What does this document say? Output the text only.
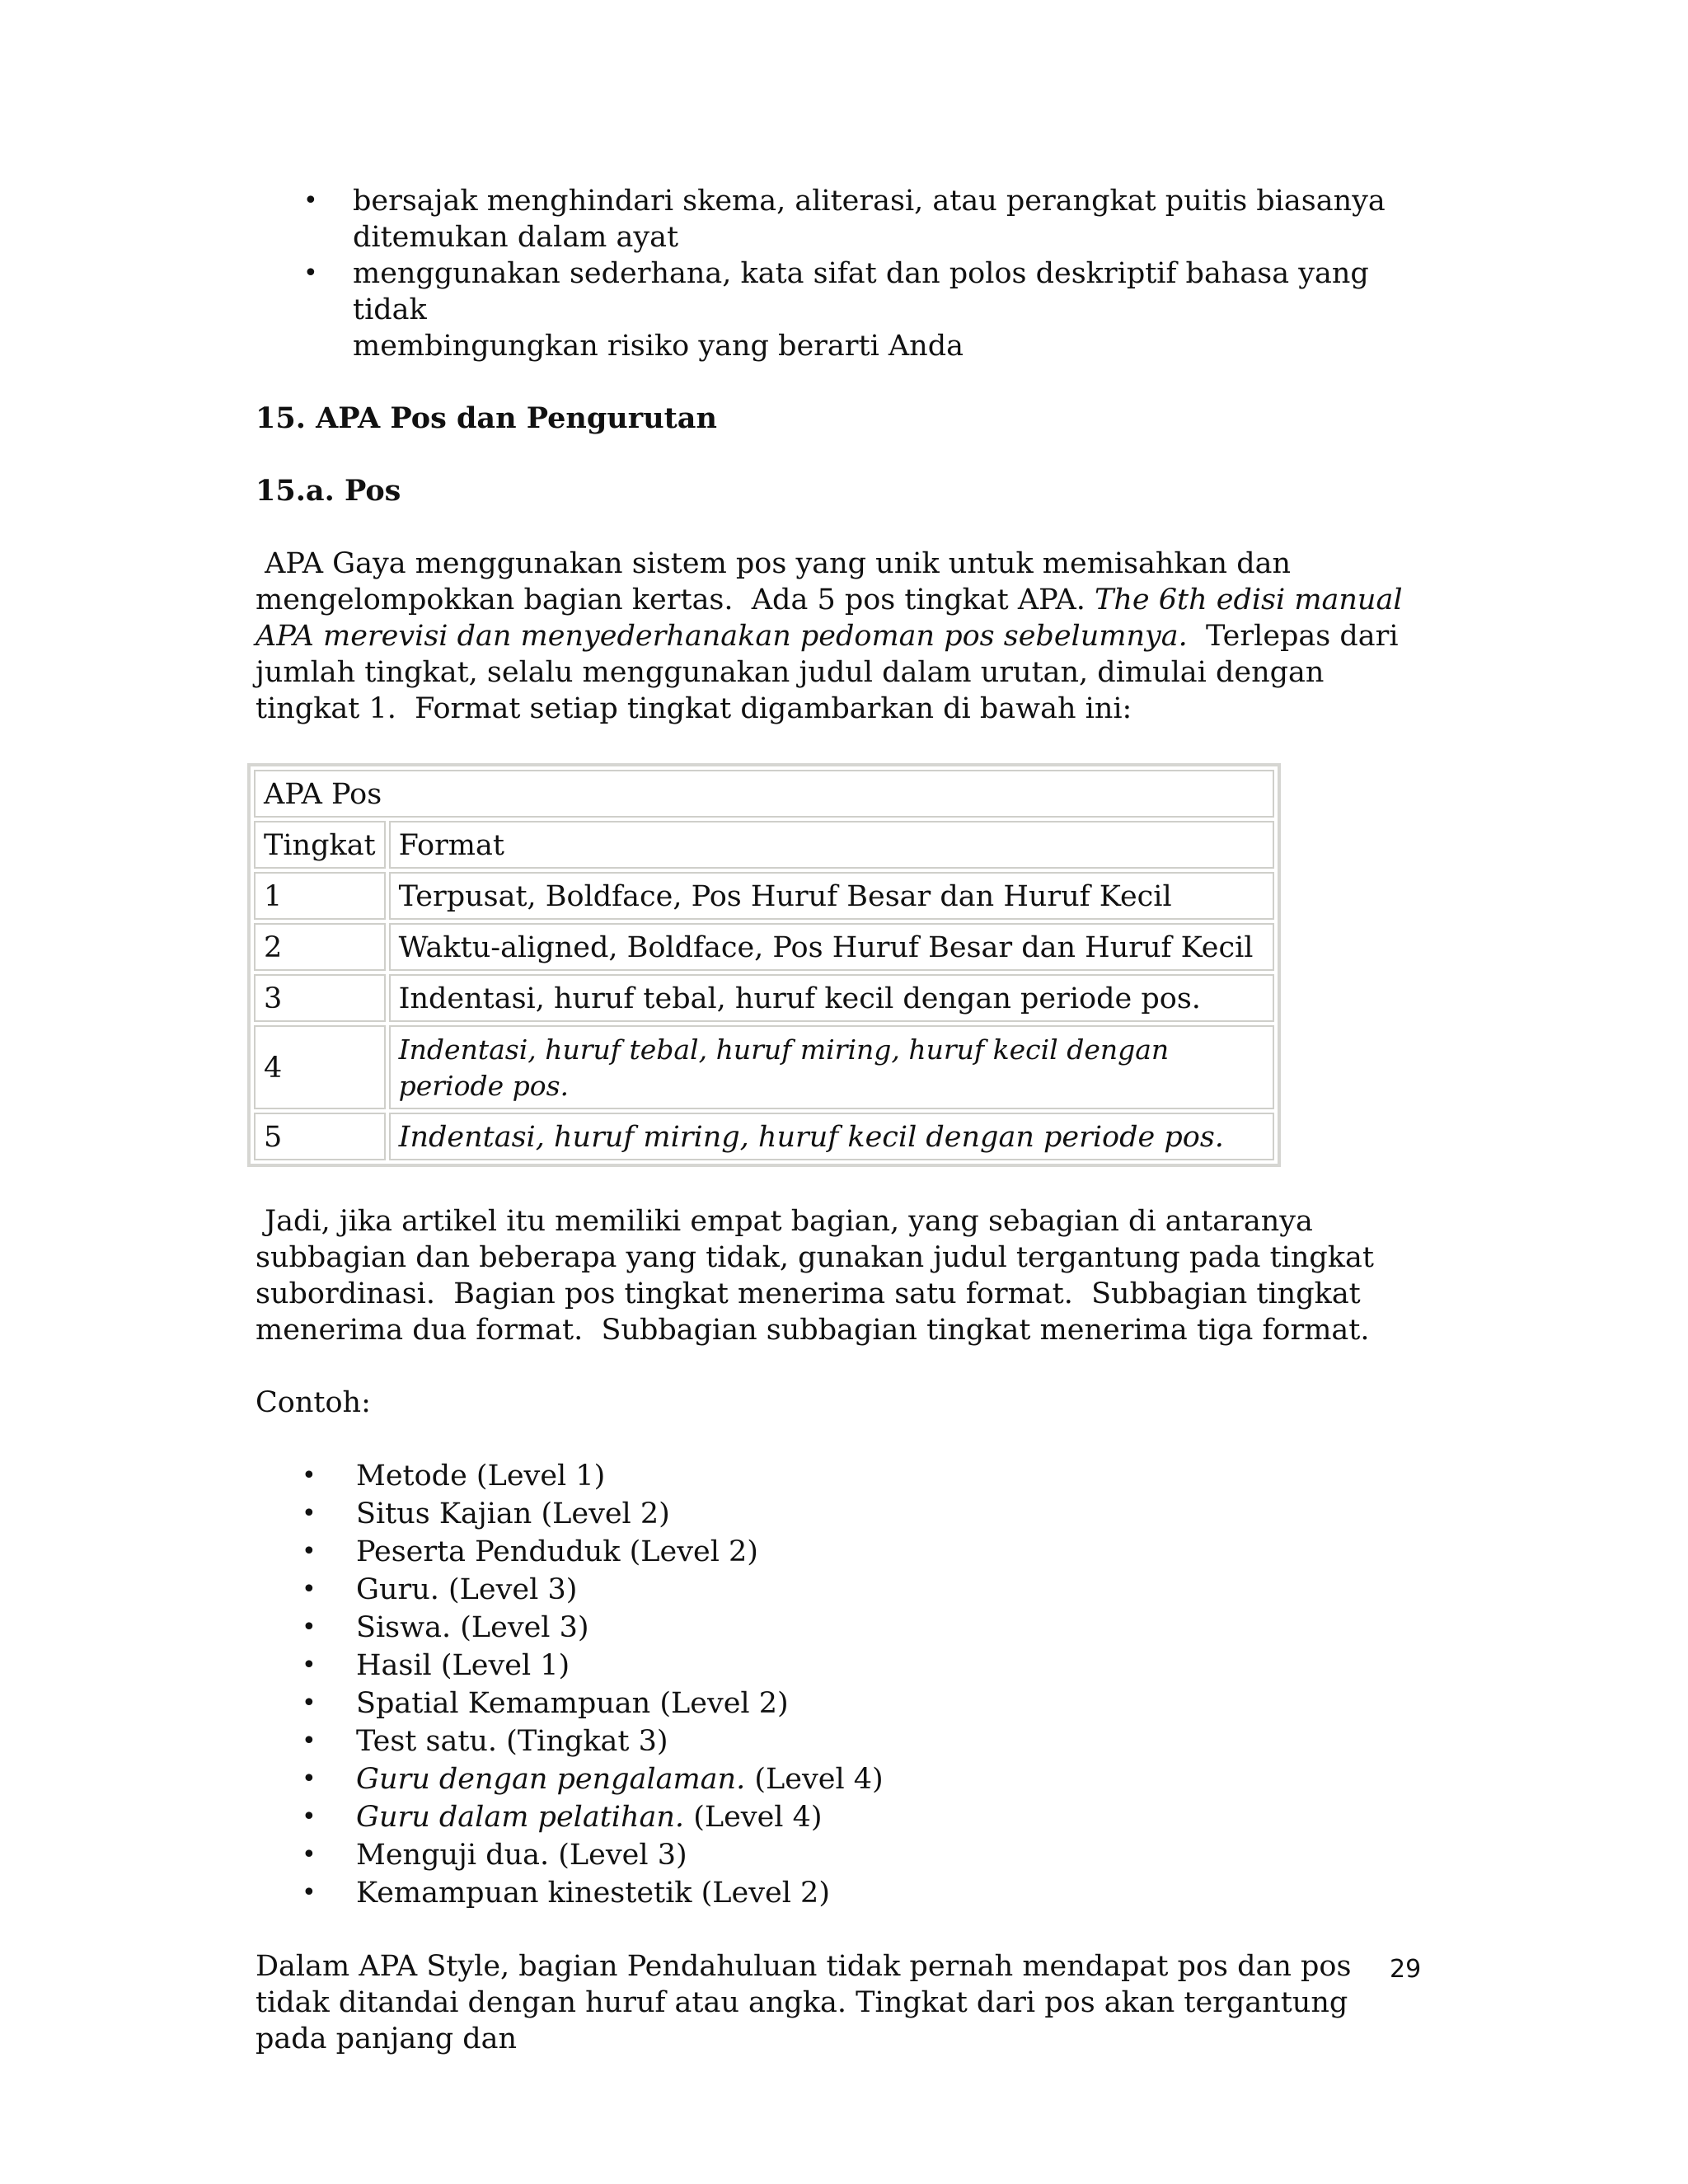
• bersajak menghindari skema, aliterasi, atau perangkat puitis biasanya
ditemukan dalam ayat
• menggunakan sederhana, kata sifat dan polos deskriptif bahasa yang tidak
membingungkan risiko yang berarti Anda
15. APA Pos dan Pengurutan
15.a. Pos

APA Gaya menggunakan sistem pos yang unik untuk memisahkan dan mengelompokkan bagian kertas.  Ada 5 pos tingkat APA. The 6th edisi manual APA merevisi dan menyederhanakan pedoman pos sebelumnya.  Terlepas dari jumlah tingkat, selalu menggunakan judul dalam urutan, dimulai dengan tingkat 1.  Format setiap tingkat digambarkan di bawah ini:

APA Pos	
Tingkat	Format
1	Terpusat, Boldface, Pos Huruf Besar dan Huruf Kecil
2	Waktu-aligned, Boldface, Pos Huruf Besar dan Huruf Kecil
3	Indentasi, huruf tebal, huruf kecil dengan periode pos.
4	Indentasi, huruf tebal, huruf miring, huruf kecil dengan periode pos.
5	Indentasi, huruf miring, huruf kecil dengan periode pos.

Jadi, jika artikel itu memiliki empat bagian, yang sebagian di antaranya subbagian dan beberapa yang tidak, gunakan judul tergantung pada tingkat subordinasi.  Bagian pos tingkat menerima satu format.  Subbagian tingkat menerima dua format.  Subbagian subbagian tingkat menerima tiga format.

Contoh:

• Metode (Level 1)
• Situs Kajian (Level 2)
• Peserta Penduduk (Level 2)
• Guru. (Level 3)
• Siswa. (Level 3)
• Hasil (Level 1)
• Spatial Kemampuan (Level 2)
• Test satu. (Tingkat 3)
• Guru dengan pengalaman. (Level 4)
• Guru dalam pelatihan. (Level 4)
• Menguji dua. (Level 3)
• Kemampuan kinestetik (Level 2)

Dalam APA Style, bagian Pendahuluan tidak pernah mendapat pos dan pos tidak ditandai dengan huruf atau angka. Tingkat dari pos akan tergantung pada panjang dan

29
